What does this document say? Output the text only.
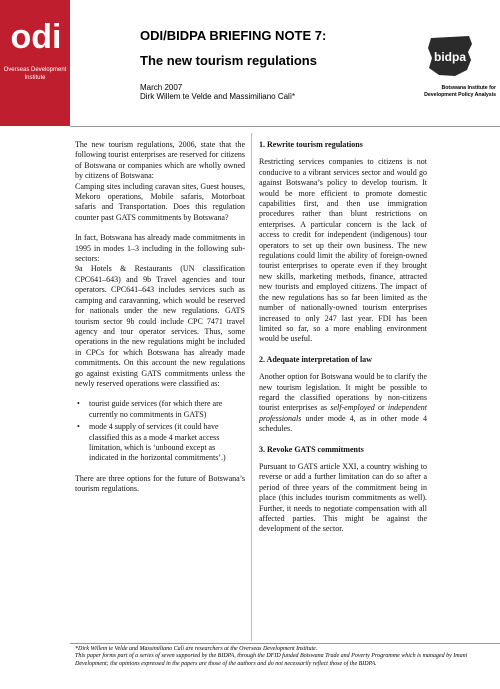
odi
Overseas Development
Institute
ODI/BIDPA BRIEFING NOTE 7:
The new tourism regulations
March 2007
Dirk Willem te Velde and Massimiliano Calì*
bidpa
Botswana Institute for
Development Policy Analysis

The new tourism regulations, 2006, state that the following tourist enterprises are reserved for citizens of Botswana or companies which are wholly owned by citizens of Botswana:
Camping sites including caravan sites, Guest houses, Mekoro operations, Mobile safaris, Motorboat safaris and Transportation. Does this regulation counter past GATS commitments by Botswana?

In fact, Botswana has already made commitments in 1995 in modes 1–3 including in the following sub-sectors:
9a Hotels & Restaurants (UN classification CPC641–643) and 9b Travel agencies and tour operators. CPC641–643 includes services such as camping and caravanning, which would be reserved for nationals under the new regulations. GATS tourism sector 9b could include CPC 7471 travel agency and tour operator services. Thus, some operations in the new regulations might be included in CPCs for which Botswana has already made commitments. On this account the new regulations go against existing GATS commitments unless the newly reserved operations were classified as:

• tourist guide services (for which there are currently no commitments in GATS)
• mode 4 supply of services (it could have classified this as a mode 4 market access limitation, which is ‘unbound except as indicated in the horizontal commitments’.)

There are three options for the future of Botswana’s tourism regulations.

1. Rewrite tourism regulations

Restricting services companies to citizens is not conducive to a vibrant services sector and would go against Botswana’s policy to develop tourism. It would be more efficient to promote domestic capabilities first, and then use immigration procedures rather than blunt restrictions on enterprises. A particular concern is the lack of access to credit for independent (indigenous) tour operators to set up their own business. The new regulations could limit the ability of foreign-owned tourist enterprises to operate even if they brought new skills, marketing methods, finance, attracted new tourists and employed citizens. The impact of the new regulations has so far been limited as the number of nationally-owned tourism enterprises increased to only 247 last year. FDI has been limited so far, so a more enabling environment would be useful.

2. Adequate interpretation of law

Another option for Botswana would be to clarify the new tourism legislation. It might be possible to regard the classified operations by non-citizens tourist enterprises as self-employed or independent professionals under mode 4, as in other mode 4 schedules.

3. Revoke GATS commitments

Pursuant to GATS article XXI, a country wishing to reverse or add a further limitation can do so after a period of three years of the commitment being in place (this includes tourism commitments as well). Further, it needs to negotiate compensation with all affected parties. This might be against the development of the sector.

*Dirk Willem te Velde and Massimiliano Calì are researchers at the Overseas Development Institute.
This paper forms part of a series of seven supported by the BIDPA, through the DFID funded Botswana Trade and Poverty Programme which is managed by Imani Development; the opinions expressed in the papers are those of the authors and do not necessarily reflect those of the BIDPA.
